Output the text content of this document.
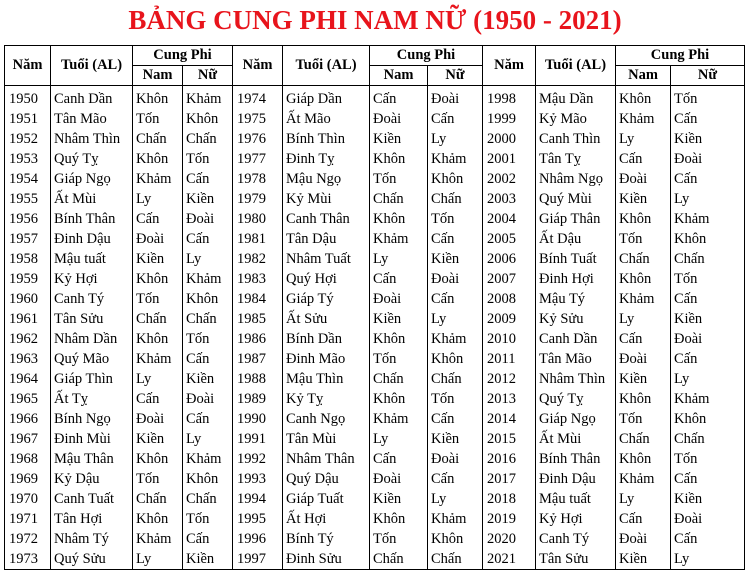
BẢNG CUNG PHI NAM NỮ (1950 - 2021)
Năm	Tuổi (AL)	Cung Phi		Năm	Tuổi (AL)	Cung Phi		Năm	Tuổi (AL)	Cung Phi	
		Nam	Nữ			Nam	Nữ			Nam	Nữ
1950	Canh Dần	Khôn	Khảm	1974	Giáp Dần	Cấn	Đoài	1998	Mậu Dần	Khôn	Tốn
1951	Tân Mão	Tốn	Khôn	1975	Ất Mão	Đoài	Cấn	1999	Kỷ Mão	Khảm	Cấn
1952	Nhâm Thìn	Chấn	Chấn	1976	Bính Thìn	Kiền	Ly	2000	Canh Thìn	Ly	Kiền
1953	Quý Tỵ	Khôn	Tốn	1977	Đinh Tỵ	Khôn	Khảm	2001	Tân Tỵ	Cấn	Đoài
1954	Giáp Ngọ	Khảm	Cấn	1978	Mậu Ngọ	Tốn	Khôn	2002	Nhâm Ngọ	Đoài	Cấn
1955	Ất Mùi	Ly	Kiền	1979	Kỷ Mùi	Chấn	Chấn	2003	Quý Mùi	Kiền	Ly
1956	Bính Thân	Cấn	Đoài	1980	Canh Thân	Khôn	Tốn	2004	Giáp Thân	Khôn	Khảm
1957	Đinh Dậu	Đoài	Cấn	1981	Tân Dậu	Khảm	Cấn	2005	Ất Dậu	Tốn	Khôn
1958	Mậu tuất	Kiền	Ly	1982	Nhâm Tuất	Ly	Kiền	2006	Bính Tuất	Chấn	Chấn
1959	Kỷ Hợi	Khôn	Khảm	1983	Quý Hợi	Cấn	Đoài	2007	Đinh Hợi	Khôn	Tốn
1960	Canh Tý	Tốn	Khôn	1984	Giáp Tý	Đoài	Cấn	2008	Mậu Tý	Khảm	Cấn
1961	Tân Sửu	Chấn	Chấn	1985	Ất Sửu	Kiền	Ly	2009	Kỷ Sửu	Ly	Kiền
1962	Nhâm Dần	Khôn	Tốn	1986	Bính Dần	Khôn	Khảm	2010	Canh Dần	Cấn	Đoài
1963	Quý Mão	Khảm	Cấn	1987	Đinh Mão	Tốn	Khôn	2011	Tân Mão	Đoài	Cấn
1964	Giáp Thìn	Ly	Kiền	1988	Mậu Thìn	Chấn	Chấn	2012	Nhâm Thìn	Kiền	Ly
1965	Ất Tỵ	Cấn	Đoài	1989	Kỷ Tỵ	Khôn	Tốn	2013	Quý Tỵ	Khôn	Khảm
1966	Bính Ngọ	Đoài	Cấn	1990	Canh Ngọ	Khảm	Cấn	2014	Giáp Ngọ	Tốn	Khôn
1967	Đinh Mùi	Kiền	Ly	1991	Tân Mùi	Ly	Kiền	2015	Ất Mùi	Chấn	Chấn
1968	Mậu Thân	Khôn	Khảm	1992	Nhâm Thân	Cấn	Đoài	2016	Bính Thân	Khôn	Tốn
1969	Kỷ Dậu	Tốn	Khôn	1993	Quý Dậu	Đoài	Cấn	2017	Đinh Dậu	Khảm	Cấn
1970	Canh Tuất	Chấn	Chấn	1994	Giáp Tuất	Kiền	Ly	2018	Mậu tuất	Ly	Kiền
1971	Tân Hợi	Khôn	Tốn	1995	Ất Hợi	Khôn	Khảm	2019	Kỷ Hợi	Cấn	Đoài
1972	Nhâm Tý	Khảm	Cấn	1996	Bính Tý	Tốn	Khôn	2020	Canh Tý	Đoài	Cấn
1973	Quý Sửu	Ly	Kiền	1997	Đinh Sửu	Chấn	Chấn	2021	Tân Sửu	Kiền	Ly
